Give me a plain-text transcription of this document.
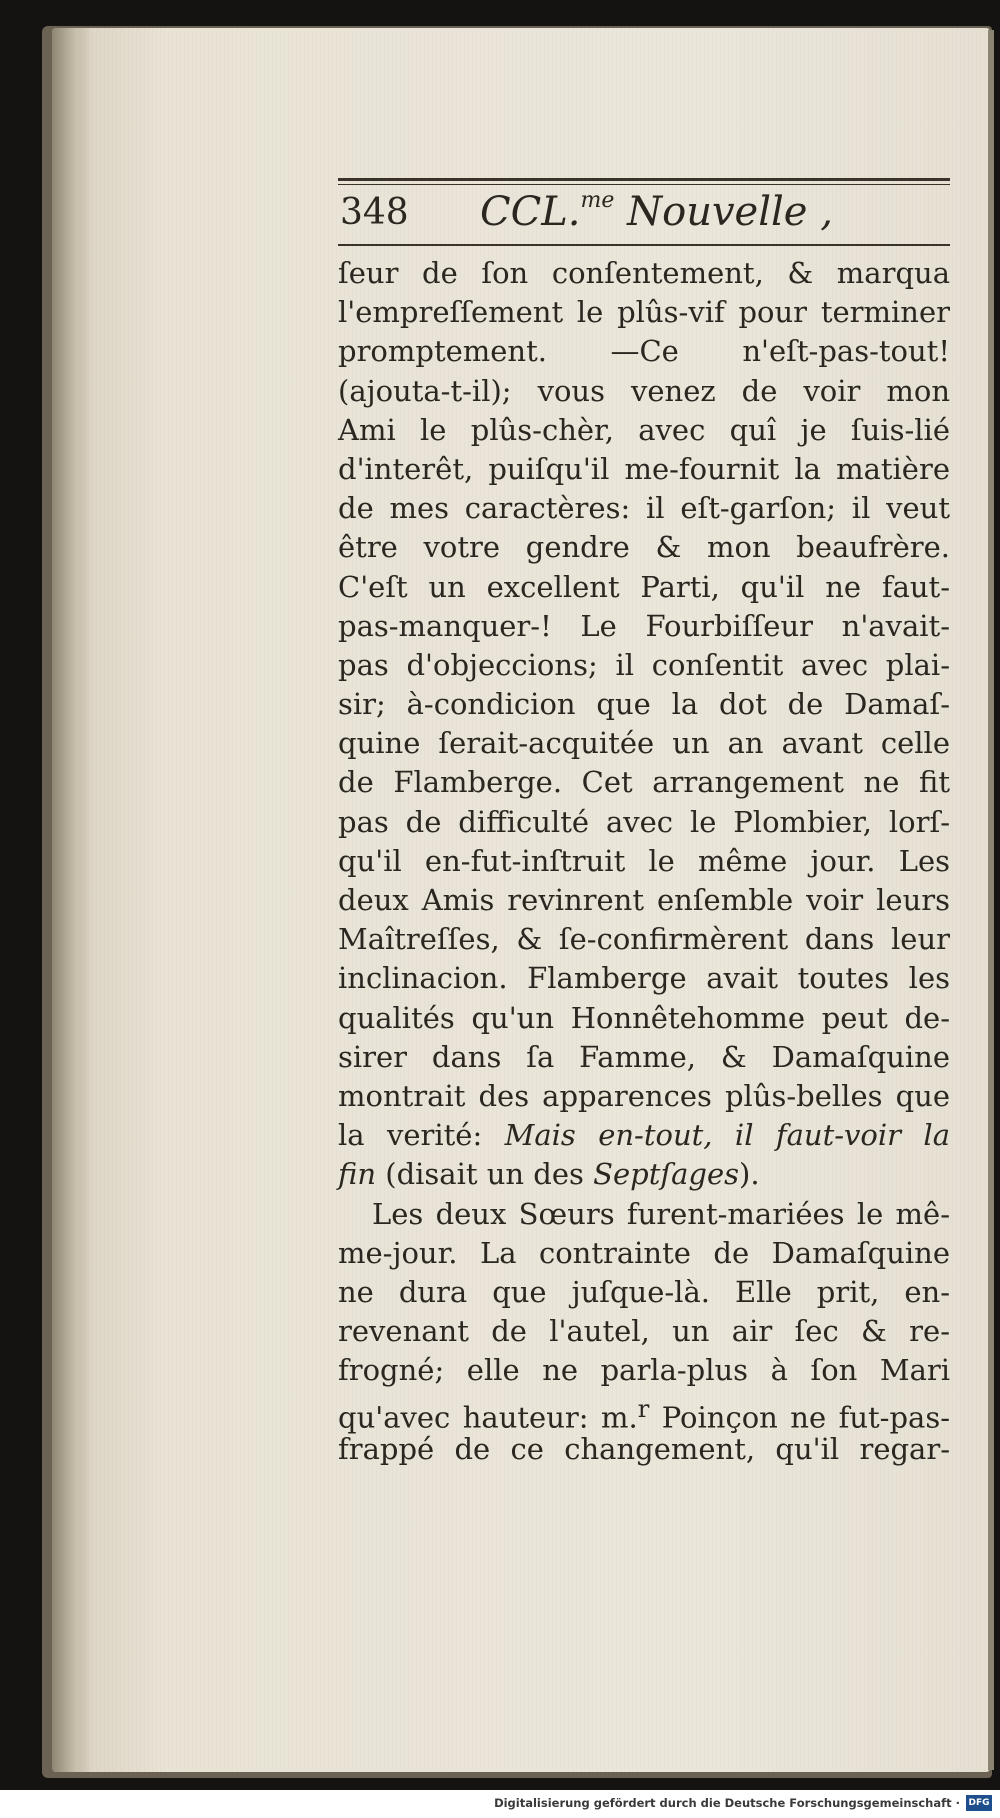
348 CCL.$^{me}$ Nouvelle ,
ſeur de ſon conſentement, & marqua
l'empreſſement le plûs-vif pour terminer
promptement. —Ce n'eſt-pas-tout!
(ajouta-t-il); vous venez de voir mon
Ami le plûs-chèr, avec quî je ſuis-lié
d'interêt, puiſqu'il me-fournit la matière
de mes caractères: il eſt-garſon; il veut
être votre gendre & mon beaufrère.
C'eſt un excellent Parti, qu'il ne faut-
pas-manquer-! Le Fourbiſſeur n'avait-
pas d'objeccions; il conſentit avec plai-
sir; à-condicion que la dot de Damaſ-
quine ſerait-acquitée un an avant celle
de Flamberge. Cet arrangement ne fit
pas de difficulté avec le Plombier, lorſ-
qu'il en-fut-inſtruit le même jour. Les
deux Amis revinrent enſemble voir leurs
Maîtreſſes, & ſe-confirmèrent dans leur
inclinacion. Flamberge avait toutes les
qualités qu'un Honnêtehomme peut de-
sirer dans ſa Famme, & Damaſquine
montrait des apparences plûs-belles que
la verité: Mais en-tout, il faut-voir la
fin (disait un des Septſages).
Les deux Sœurs furent-mariées le mê-
me-jour. La contrainte de Damaſquine
ne dura que juſque-là. Elle prit, en-
revenant de l'autel, un air ſec & re-
frogné; elle ne parla-plus à ſon Mari
qu'avec hauteur: m.$^r$ Poinçon ne fut-pas-
frappé de ce changement, qu'il regar-
Digitalisierung gefördert durch die Deutsche Forschungsgemeinschaft · DFG
